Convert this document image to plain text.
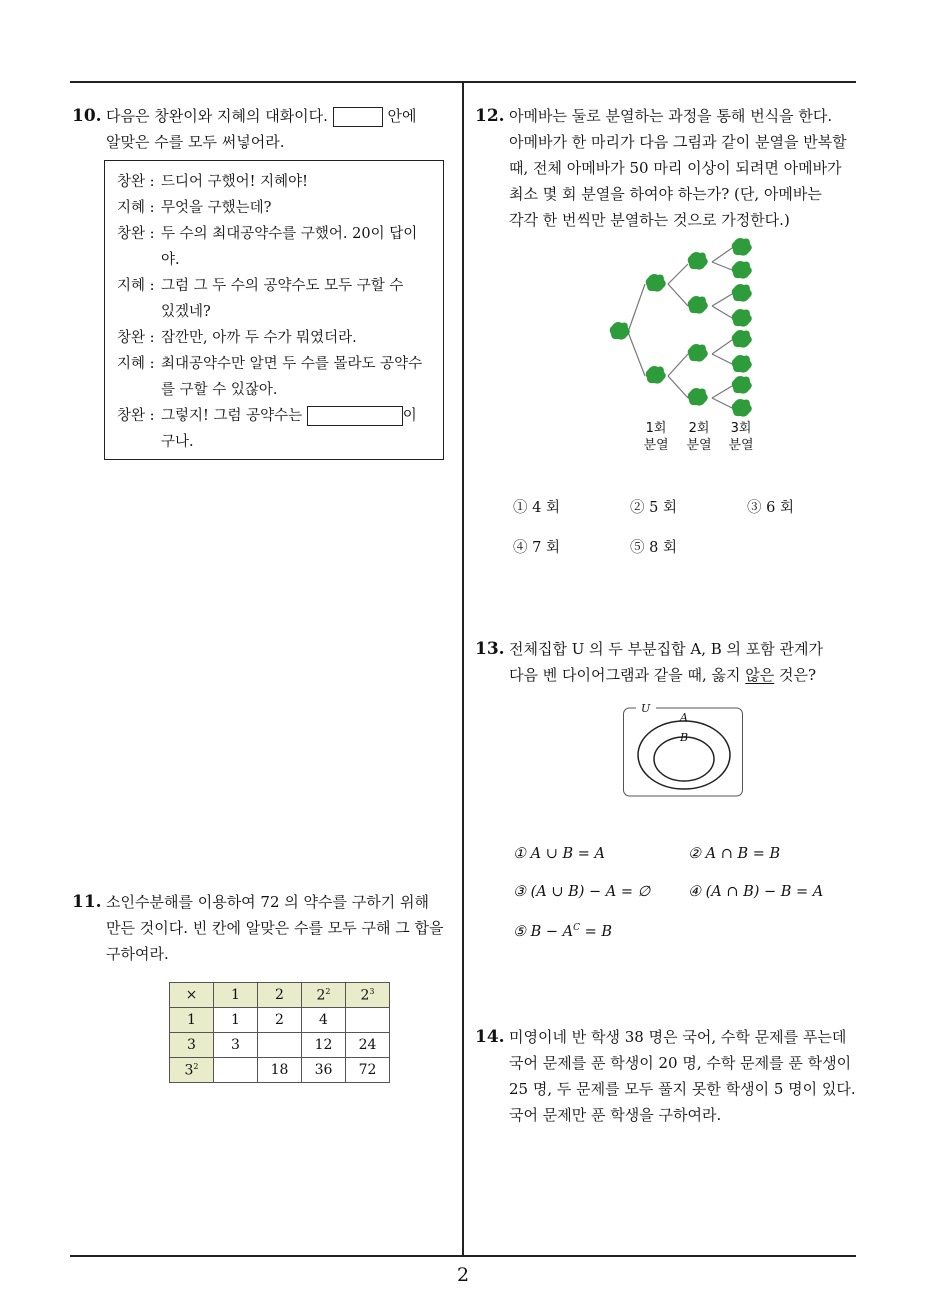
10. 다음은 창완이와 지혜의 대화이다.	안에
알맞은 수를 모두 써넣어라.
창완 : 드디어 구했어! 지혜야!
지혜 : 무엇을 구했는데?
창완 : 두 수의 최대공약수를 구했어. 20이 답이
야.
지혜 : 그럼 그 두 수의 공약수도 모두 구할 수
있겠네?
창완 : 잠깐만, 아까 두 수가 뭐였더라.
지혜 : 최대공약수만 알면 두 수를 몰라도 공약수
를 구할 수 있잖아.
창완 : 그렇지! 그럼 공약수는	이
구나.
11. 소인수분해를 이용하여 72 의 약수를 구하기 위해
만든 것이다. 빈 칸에 알맞은 수를 모두 구해 그 합을
구하여라.
×	1	2	$2^2$	$2^3$
1	1	2	4	
3	3		12	24
$3^2$		18	36	72
12. 아메바는 둘로 분열하는 과정을 통해 번식을 한다.
아메바가 한 마리가 다음 그림과 같이 분열을 반복할
때, 전체 아메바가 50 마리 이상이 되려면 아메바가
최소 몇 회 분열을 하여야 하는가? (단, 아메바는
각각 한 번씩만 분열하는 것으로 가정한다.)
1회
분열
2회
분열
3회
분열
① 4 회	② 5 회	③ 6 회
④ 7 회	⑤ 8 회
13. 전체집합 U 의 두 부분집합 A, B 의 포함 관계가
다음 벤 다이어그램과 같을 때, 옳지 않은 것은?
U
A
B
① A ∪ B = A	② A ∩ B = B
③ (A ∪ B) − A = ∅	④ (A ∩ B) − B = A
⑤ $B - A^C = B$
14. 미영이네 반 학생 38 명은 국어, 수학 문제를 푸는데
국어 문제를 푼 학생이 20 명, 수학 문제를 푼 학생이
25 명, 두 문제를 모두 풀지 못한 학생이 5 명이 있다.
국어 문제만 푼 학생을 구하여라.
2
